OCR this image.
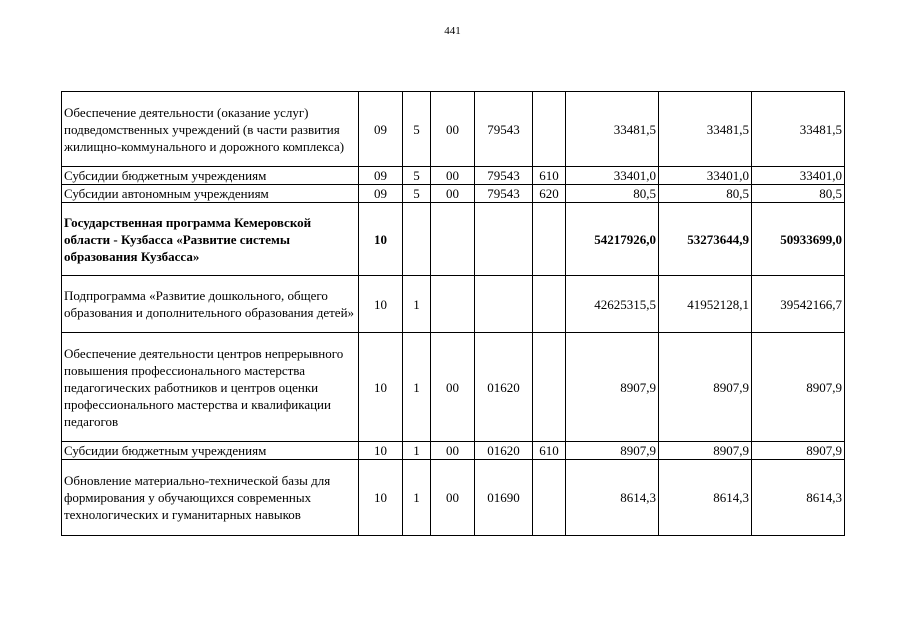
441
Обеспечение деятельности (оказание услуг) подведомственных учреждений (в части развития жилищно-коммунального и дорожного комплекса)	09	5	00	79543		33481,5	33481,5	33481,5
Субсидии бюджетным учреждениям	09	5	00	79543	610	33401,0	33401,0	33401,0
Субсидии автономным учреждениям	09	5	00	79543	620	80,5	80,5	80,5
Государственная программа Кемеровской области - Кузбасса «Развитие системы образования Кузбасса»	10					54217926,0	53273644,9	50933699,0
Подпрограмма «Развитие дошкольного, общего образования и дополнительного образования детей»	10	1				42625315,5	41952128,1	39542166,7
Обеспечение деятельности центров непрерывного повышения профессионального мастерства педагогических работников и центров оценки профессионального мастерства и квалификации педагогов	10	1	00	01620		8907,9	8907,9	8907,9
Субсидии бюджетным учреждениям	10	1	00	01620	610	8907,9	8907,9	8907,9
Обновление материально-технической базы для формирования у обучающихся современных технологических и гуманитарных навыков	10	1	00	01690		8614,3	8614,3	8614,3
